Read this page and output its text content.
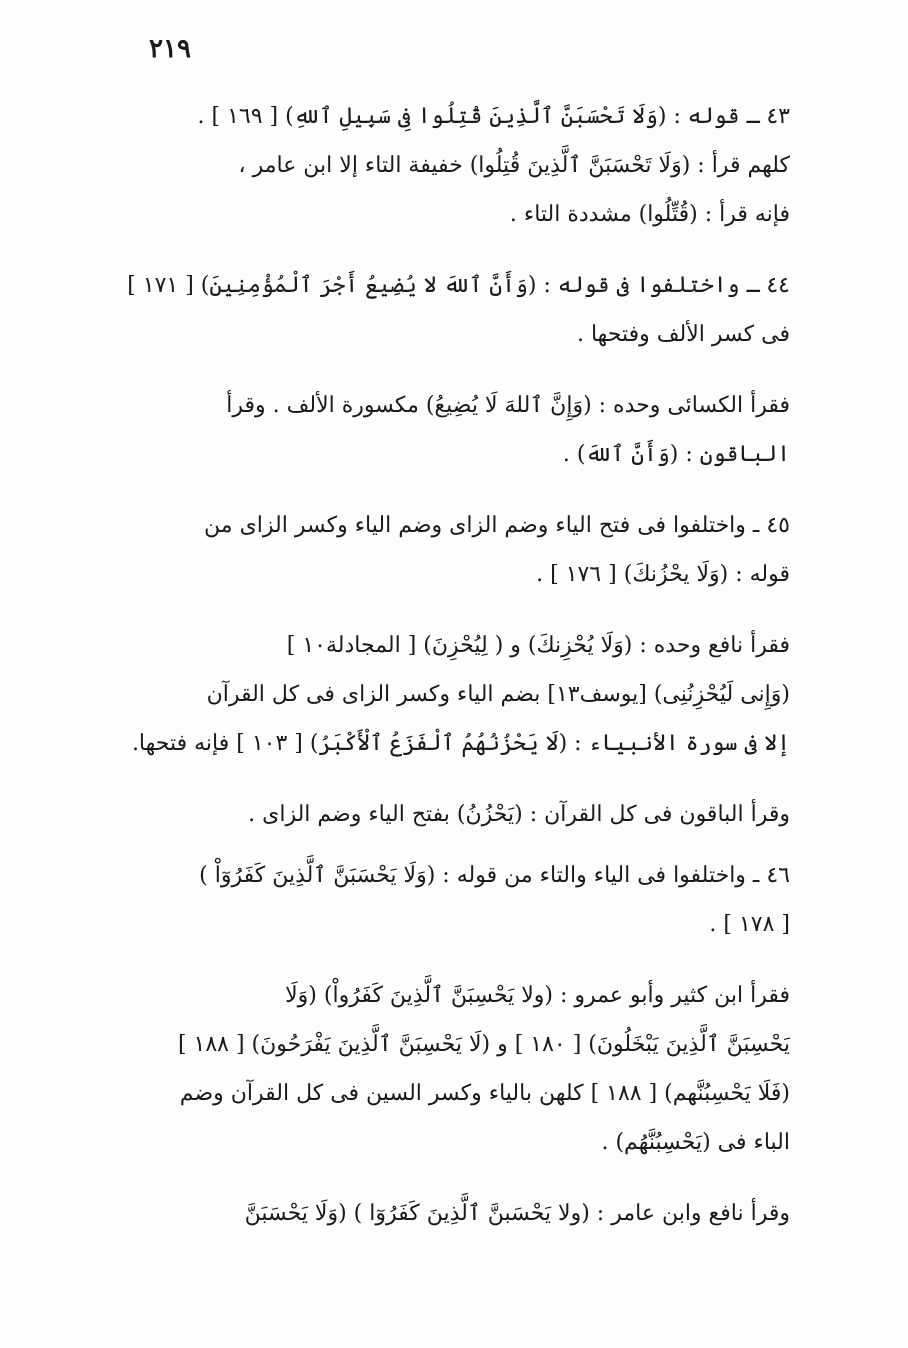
٢١٩
٤٣ ـ قوله : (وَلَا تَحْسَبَنَّ ٱلَّذِينَ قُتِلُوا فِى سَبِيلِ ٱللهِ) [ ١٦٩ ] .
كلهم قرأ : (وَلَا تَحْسَبَنَّ ٱلَّذِينَ قُتِلُوا) خفيفة التاء إلا ابن عامر ،
فإنه قرأ : (قُتِّلُوا) مشددة التاء .
٤٤ ـ واختلفوا فى قوله : (وَأَنَّ ٱللهَ لا يُضِيعُ أَجْرَ ٱلْمُؤْمِنِينَ) [ ١٧١ ]
فى كسر الألف وفتحها .
فقرأ الكسائى وحده : (وَإِنَّ ٱللهَ لَا يُضِيعُ) مكسورة الألف . وقرأ
الباقون : (وَأَنَّ ٱللهَ) .
٤٥ ـ واختلفوا فى فتح الياء وضم الزاى وضم الياء وكسر الزاى من
قوله : (وَلَا يحْزُنكَ) [ ١٧٦ ] .
فقرأ نافع وحده : (وَلَا يُحْزِنكَ) و ( لِيُحْزِنَ) [ المجادلة١٠ ]
(وَإِنى لَيُحْزِنُنِى) [يوسف١٣] بضم الياء وكسر الزاى فى كل القرآن
إلا فى سورة الأنبياء : (لَا يَحْزُنُهُمُ ٱلْفَزَعُ ٱلْأَكْبَرُ) [ ١٠٣ ] فإنه فتحها.
وقرأ الباقون فى كل القرآن : (يَحْزُنُ) بفتح الياء وضم الزاى .
٤٦ ـ واختلفوا فى الياء والتاء من قوله : (وَلَا يَحْسَبَنَّ ٱلَّذِينَ كَفَرُوٓاْ )
[ ١٧٨ ] .
فقرأ ابن كثير وأبو عمرو : (ولا يَحْسِبَنَّ ٱلَّذِينَ كَفَرُواْ) (وَلَا
يَحْسِبَنَّ ٱلَّذِينَ يَبْخَلُونَ) [ ١٨٠ ] و (لَا يَحْسِبَنَّ ٱلَّذِينَ يَفْرَحُونَ) [ ١٨٨ ]
(فَلَا يَحْسِبُنَّهم) [ ١٨٨ ] كلهن بالياء وكسر السين فى كل القرآن وضم
الباء فى (يَحْسِبُنَّهُم) .
وقرأ نافع وابن عامر : (ولا يَحْسَبنَّ ٱلَّذِينَ كَفَرُوٓا ) (وَلَا يَحْسَبَنَّ
